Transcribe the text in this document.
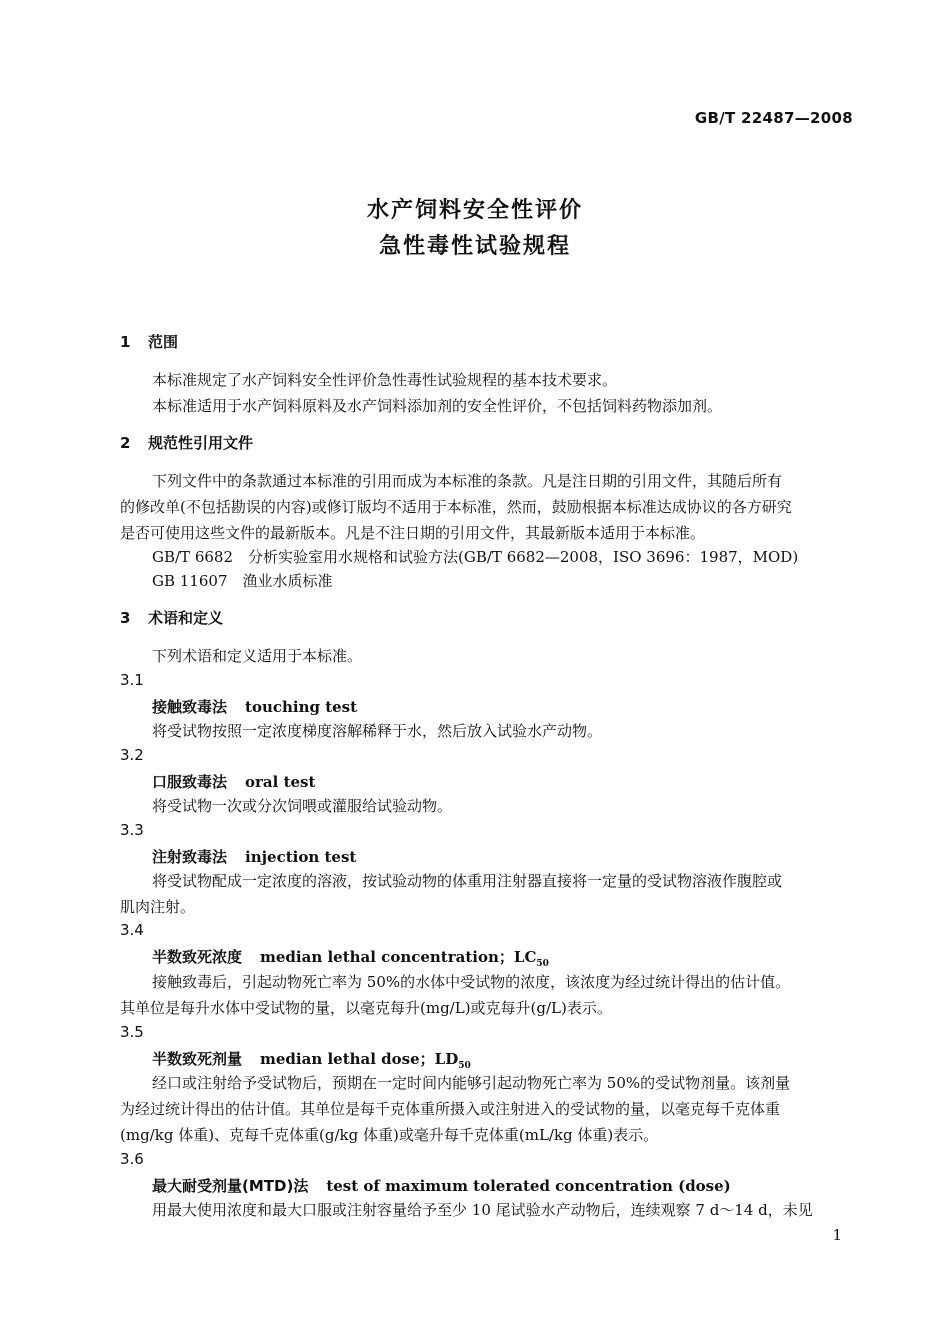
GB/T 22487—2008
水产饲料安全性评价
急性毒性试验规程
1 范围
本标准规定了水产饲料安全性评价急性毒性试验规程的基本技术要求。
本标准适用于水产饲料原料及水产饲料添加剂的安全性评价，不包括饲料药物添加剂。
2 规范性引用文件
下列文件中的条款通过本标准的引用而成为本标准的条款。凡是注日期的引用文件，其随后所有
的修改单(不包括勘误的内容)或修订版均不适用于本标准，然而，鼓励根据本标准达成协议的各方研究
是否可使用这些文件的最新版本。凡是不注日期的引用文件，其最新版本适用于本标准。
GB/T 6682　分析实验室用水规格和试验方法(GB/T 6682—2008，ISO 3696：1987，MOD)
GB 11607　渔业水质标准
3 术语和定义
下列术语和定义适用于本标准。
3.1
接触致毒法 touching test
将受试物按照一定浓度梯度溶解稀释于水，然后放入试验水产动物。
3.2
口服致毒法 oral test
将受试物一次或分次饲喂或灌服给试验动物。
3.3
注射致毒法 injection test
将受试物配成一定浓度的溶液，按试验动物的体重用注射器直接将一定量的受试物溶液作腹腔或
肌肉注射。
3.4
半数致死浓度 median lethal concentration；$LC_{50}$
接触致毒后，引起动物死亡率为 50%的水体中受试物的浓度，该浓度为经过统计得出的估计值。
其单位是每升水体中受试物的量，以毫克每升(mg/L)或克每升(g/L)表示。
3.5
半数致死剂量 median lethal dose；$LD_{50}$
经口或注射给予受试物后，预期在一定时间内能够引起动物死亡率为 50%的受试物剂量。该剂量
为经过统计得出的估计值。其单位是每千克体重所摄入或注射进入的受试物的量，以毫克每千克体重
(mg/kg 体重)、克每千克体重(g/kg 体重)或毫升每千克体重(mL/kg 体重)表示。
3.6
最大耐受剂量(MTD)法 test of maximum tolerated concentration (dose)
用最大使用浓度和最大口服或注射容量给予至少 10 尾试验水产动物后，连续观察 7 d～14 d，未见
1
